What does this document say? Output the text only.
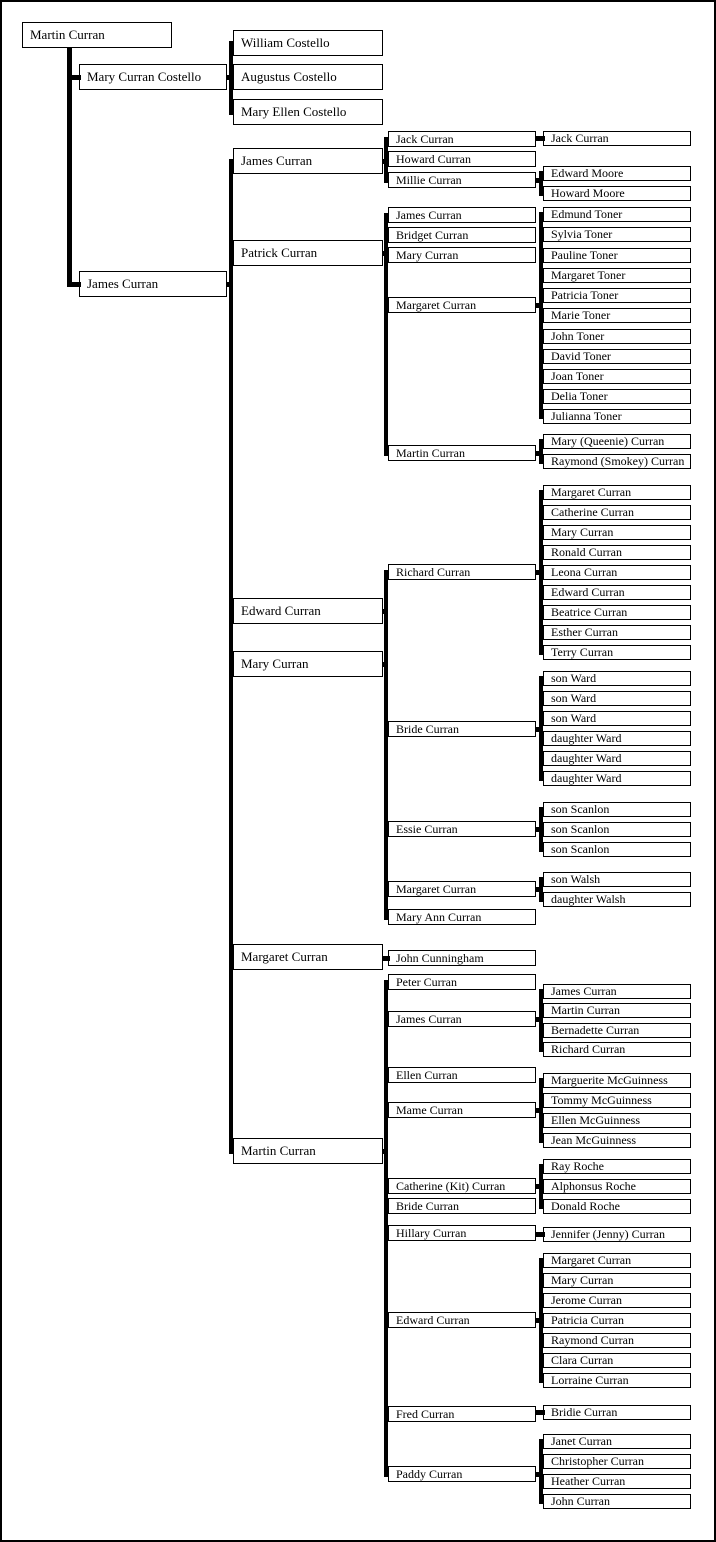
Martin Curran
Mary Curran Costello
James Curran
William Costello
Augustus Costello
Mary Ellen Costello
James Curran
Patrick Curran
Edward Curran
Mary Curran
Margaret Curran
Martin Curran
Jack Curran
Howard Curran
Millie Curran
James Curran
Bridget Curran
Mary Curran
Margaret Curran
Martin Curran
Richard Curran
Bride Curran
Essie Curran
Margaret Curran
Mary Ann Curran
John Cunningham
Peter Curran
James Curran
Ellen Curran
Mame Curran
Catherine (Kit) Curran
Bride Curran
Hillary Curran
Edward Curran
Fred Curran
Paddy Curran
Jack Curran
Edward Moore
Howard Moore
Edmund Toner
Sylvia Toner
Pauline Toner
Margaret Toner
Patricia Toner
Marie Toner
John Toner
David Toner
Joan Toner
Delia Toner
Julianna Toner
Mary (Queenie) Curran
Raymond (Smokey) Curran
Margaret Curran
Catherine Curran
Mary Curran
Ronald Curran
Leona Curran
Edward Curran
Beatrice Curran
Esther Curran
Terry Curran
son Ward
son Ward
son Ward
daughter Ward
daughter Ward
daughter Ward
son Scanlon
son Scanlon
son Scanlon
son Walsh
daughter Walsh
James Curran
Martin Curran
Bernadette Curran
Richard Curran
Marguerite McGuinness
Tommy McGuinness
Ellen McGuinness
Jean McGuinness
Ray Roche
Alphonsus Roche
Donald Roche
Jennifer (Jenny) Curran
Margaret Curran
Mary Curran
Jerome Curran
Patricia Curran
Raymond Curran
Clara Curran
Lorraine Curran
Bridie Curran
Janet Curran
Christopher Curran
Heather Curran
John Curran
